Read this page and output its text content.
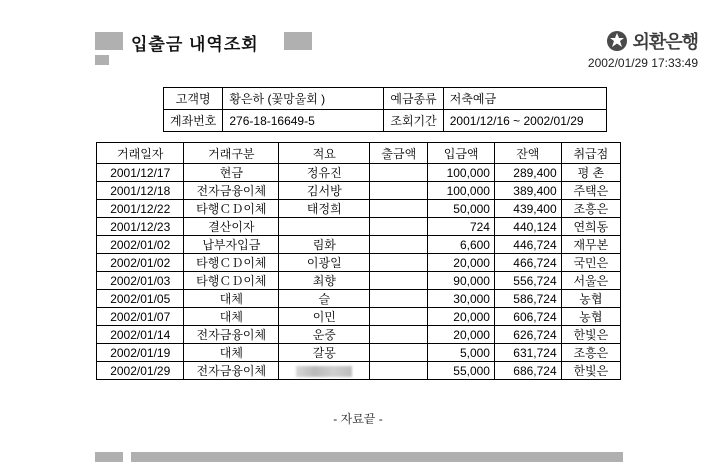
입출금 내역조회	외환은행
2002/01/29 17:33:49
고객명	황은하 (꽃망울회 )	예금종류	저축예금
계좌번호	276-18-16649-5	조회기간	2001/12/16 ~ 2002/01/29
거래일자	거래구분	적요	출금액	입금액	잔액	취급점
2001/12/17	현금	정유진		100,000	289,400	평 촌
2001/12/18	전자금융이체	김서방		100,000	389,400	주택은
2001/12/22	타행ＣＤ이체	태정희		50,000	439,400	조흥은
2001/12/23	결산이자			724	440,124	연희동
2002/01/02	납부자입금	림화		6,600	446,724	재무본
2002/01/02	타행ＣＤ이체	이광일		20,000	466,724	국민은
2002/01/03	타행ＣＤ이체	최향		90,000	556,724	서울은
2002/01/05	대체	슬		30,000	586,724	농협
2002/01/07	대체	이민		20,000	606,724	농협
2002/01/14	전자금융이체	운중		20,000	626,724	한빛은
2002/01/19	대체	갈몽		5,000	631,724	조흥은
2002/01/29	전자금융이체			55,000	686,724	한빛은
- 자료끝 -
